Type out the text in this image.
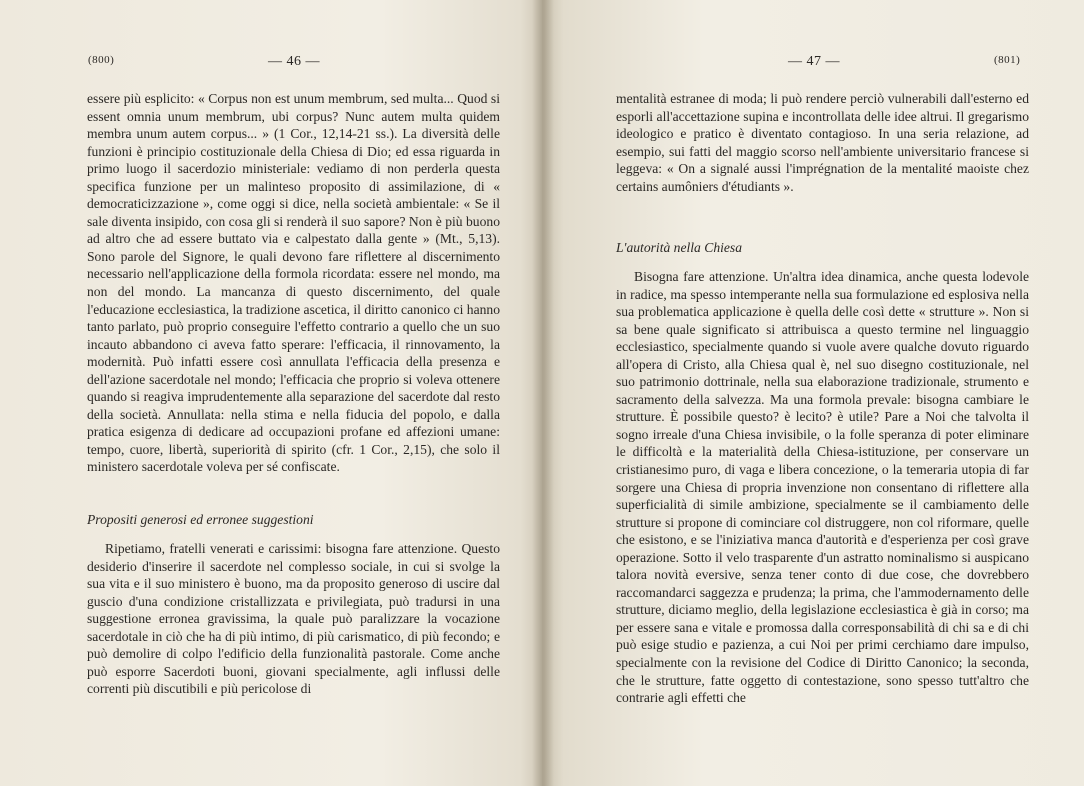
(800)	— 46 —

essere più esplicito: « Corpus non est unum membrum, sed multa... Quod si essent omnia unum membrum, ubi corpus? Nunc autem multa quidem membra unum autem corpus... » (1 Cor., 12,14-21 ss.). La diversità delle funzioni è principio costituzionale della Chiesa di Dio; ed essa riguarda in primo luogo il sacerdozio ministeriale: vediamo di non perderla questa specifica funzione per un malinteso proposito di assimilazione, di « democraticizzazione », come oggi si dice, nella società ambientale: « Se il sale diventa insipido, con cosa gli si renderà il suo sapore? Non è più buono ad altro che ad essere buttato via e calpestato dalla gente » (Mt., 5,13). Sono parole del Signore, le quali devono fare riflettere al discernimento necessario nell'applicazione della formola ricordata: essere nel mondo, ma non del mondo. La mancanza di questo discernimento, del quale l'educazione ecclesiastica, la tradizione ascetica, il diritto canonico ci hanno tanto parlato, può proprio conseguire l'effetto contrario a quello che un suo incauto abbandono ci aveva fatto sperare: l'efficacia, il rinnovamento, la modernità. Può infatti essere così annullata l'efficacia della presenza e dell'azione sacerdotale nel mondo; l'efficacia che proprio si voleva ottenere quando si reagiva imprudentemente alla separazione del sacerdote dal resto della società. Annullata: nella stima e nella fiducia del popolo, e dalla pratica esigenza di dedicare ad occupazioni profane ed affezioni umane: tempo, cuore, libertà, superiorità di spirito (cfr. 1 Cor., 2,15), che solo il ministero sacerdotale voleva per sé confiscate.

Propositi generosi ed erronee suggestioni

Ripetiamo, fratelli venerati e carissimi: bisogna fare attenzione. Questo desiderio d'inserire il sacerdote nel complesso sociale, in cui si svolge la sua vita e il suo ministero è buono, ma da proposito generoso di uscire dal guscio d'una condizione cristallizzata e privilegiata, può tradursi in una suggestione erronea gravissima, la quale può paralizzare la vocazione sacerdotale in ciò che ha di più intimo, di più carismatico, di più fecondo; e può demolire di colpo l'edificio della funzionalità pastorale. Come anche può esporre Sacerdoti buoni, giovani specialmente, agli influssi delle correnti più discutibili e più pericolose di

— 47 —	(801)

mentalità estranee di moda; li può rendere perciò vulnerabili dall'esterno ed esporli all'accettazione supina e incontrollata delle idee altrui. Il gregarismo ideologico e pratico è diventato contagioso. In una seria relazione, ad esempio, sui fatti del maggio scorso nell'ambiente universitario francese si leggeva: « On a signalé aussi l'imprégnation de la mentalité maoiste chez certains aumôniers d'étudiants ».

L'autorità nella Chiesa

Bisogna fare attenzione. Un'altra idea dinamica, anche questa lodevole in radice, ma spesso intemperante nella sua formulazione ed esplosiva nella sua problematica applicazione è quella delle così dette « strutture ». Non si sa bene quale significato si attribuisca a questo termine nel linguaggio ecclesiastico, specialmente quando si vuole avere qualche dovuto riguardo all'opera di Cristo, alla Chiesa qual è, nel suo disegno costituzionale, nel suo patrimonio dottrinale, nella sua elaborazione tradizionale, strumento e sacramento della salvezza. Ma una formola prevale: bisogna cambiare le strutture. È possibile questo? è lecito? è utile? Pare a Noi che talvolta il sogno irreale d'una Chiesa invisibile, o la folle speranza di poter eliminare le difficoltà e la materialità della Chiesa-istituzione, per conservare un cristianesimo puro, di vaga e libera concezione, o la temeraria utopia di far sorgere una Chiesa di propria invenzione non consentano di riflettere alla superficialità di simile ambizione, specialmente se il cambiamento delle strutture si propone di cominciare col distruggere, non col riformare, quelle che esistono, e se l'iniziativa manca d'autorità e d'esperienza per così grave operazione. Sotto il velo trasparente d'un astratto nominalismo si auspicano talora novità eversive, senza tener conto di due cose, che dovrebbero raccomandarci saggezza e prudenza; la prima, che l'ammodernamento delle strutture, diciamo meglio, della legislazione ecclesiastica è già in corso; ma per essere sana e vitale e promossa dalla corresponsabilità di chi sa e di chi può esige studio e pazienza, a cui Noi per primi cerchiamo dare impulso, specialmente con la revisione del Codice di Diritto Canonico; la seconda, che le strutture, fatte oggetto di contestazione, sono spesso tutt'altro che contrarie agli effetti che
